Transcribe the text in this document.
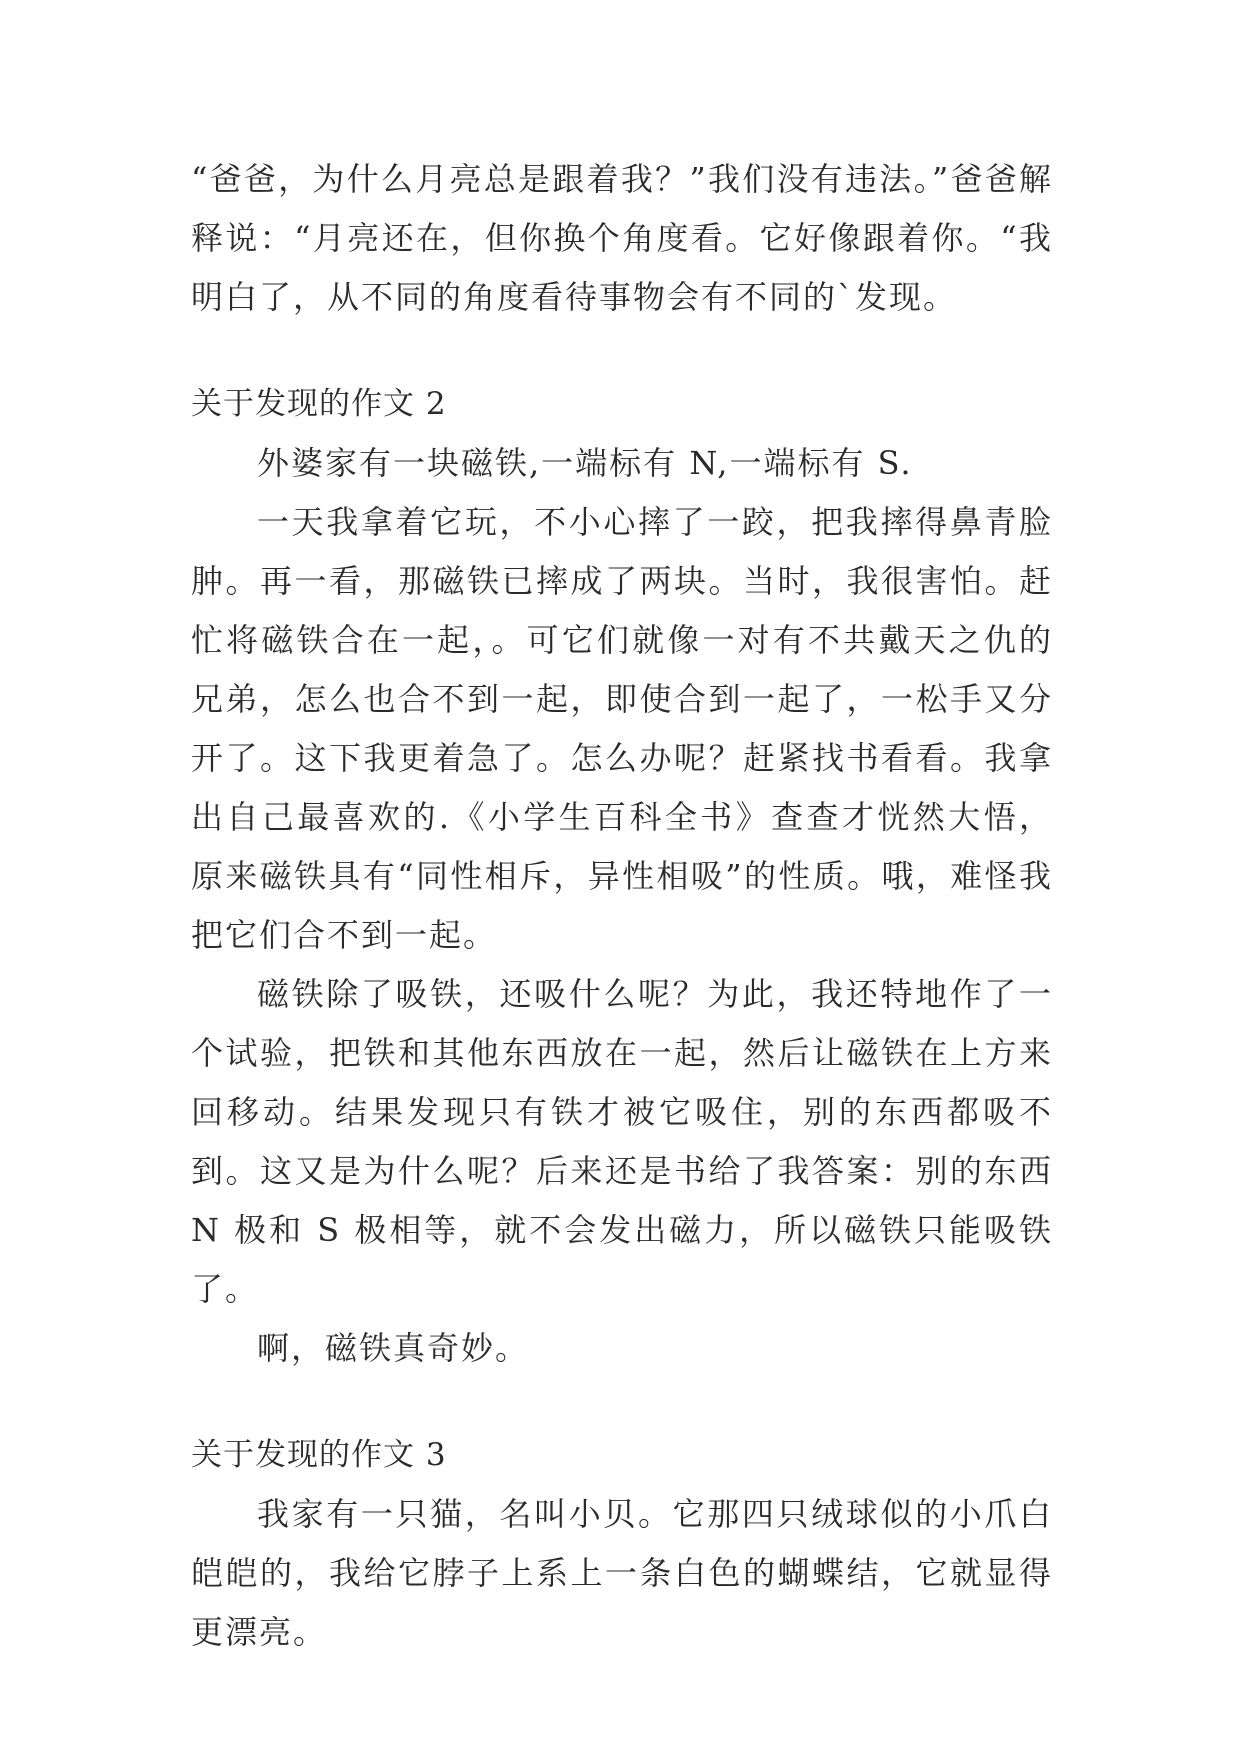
“爸爸，为什么月亮总是跟着我？”我们没有违法。”爸爸解释说：“月亮还在，但你换个角度看。它好像跟着你。“我明白了，从不同的角度看待事物会有不同的`发现。

关于发现的作文 2

外婆家有一块磁铁,一端标有 N,一端标有 S.

一天我拿着它玩，不小心摔了一跤，把我摔得鼻青脸肿。再一看，那磁铁已摔成了两块。当时，我很害怕。赶忙将磁铁合在一起，。可它们就像一对有不共戴天之仇的兄弟，怎么也合不到一起，即使合到一起了，一松手又分开了。这下我更着急了。怎么办呢？赶紧找书看看。我拿出自己最喜欢的.《小学生百科全书》查查才恍然大悟，原来磁铁具有“同性相斥，异性相吸”的性质。哦，难怪我把它们合不到一起。

磁铁除了吸铁，还吸什么呢？为此，我还特地作了一个试验，把铁和其他东西放在一起，然后让磁铁在上方来回移动。结果发现只有铁才被它吸住，别的东西都吸不到。这又是为什么呢？后来还是书给了我答案：别的东西 N 极和 S 极相等，就不会发出磁力，所以磁铁只能吸铁了。

啊，磁铁真奇妙。

关于发现的作文 3

我家有一只猫，名叫小贝。它那四只绒球似的小爪白皑皑的，我给它脖子上系上一条白色的蝴蝶结，它就显得更漂亮。
